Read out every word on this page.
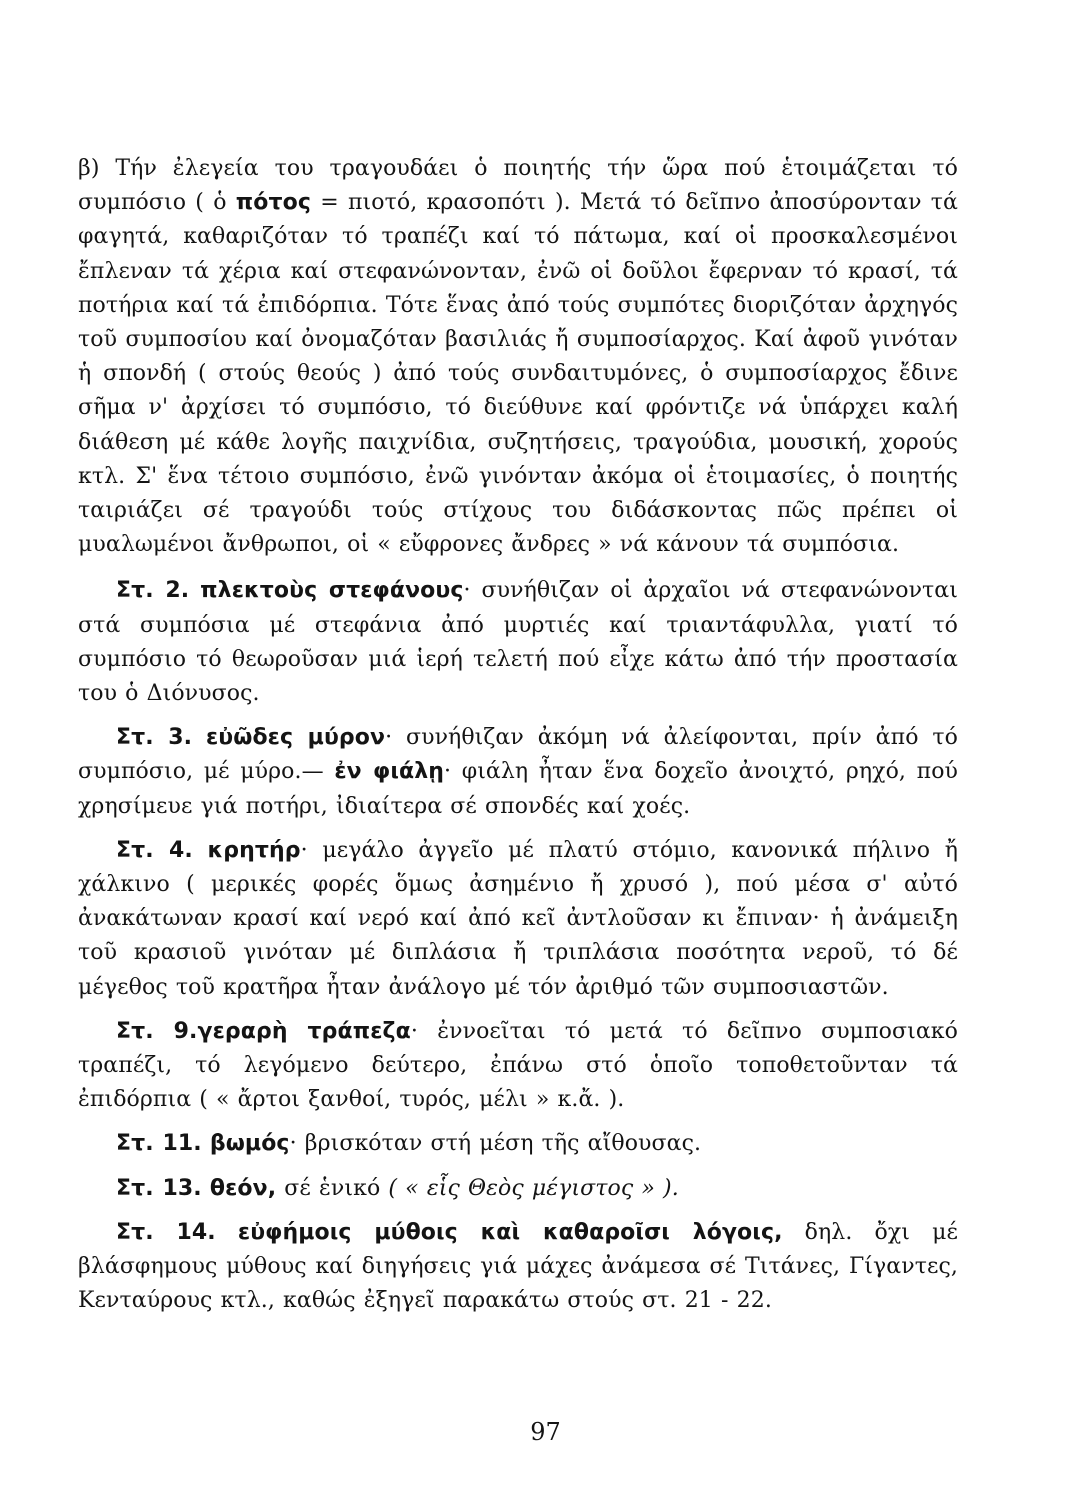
β) Τήν ἐλεγεία του τραγουδάει ὁ ποιητής τήν ὥρα πού ἑτοιμάζεται τό συμπόσιο ( ὁ πότος = πιοτό, κρασοπότι ). Μετά τό δεῖπνο ἀποσύρονταν τά φαγητά, καθαριζόταν τό τραπέζι καί τό πάτωμα, καί οἱ προσκαλεσμένοι ἔπλεναν τά χέρια καί στεφανώνονταν, ἐνῶ οἱ δοῦλοι ἔφερναν τό κρασί, τά ποτήρια καί τά ἐπιδόρπια. Τότε ἕνας ἀπό τούς συμπότες διοριζόταν ἀρχηγός τοῦ συμποσίου καί ὀνομαζόταν βασιλιάς ἤ συμποσίαρχος. Καί ἀφοῦ γινόταν ἡ σπονδή ( στούς θεούς ) ἀπό τούς συνδαιτυμόνες, ὁ συμποσίαρχος ἔδινε σῆμα ν' ἀρχίσει τό συμπόσιο, τό διεύθυνε καί φρόντιζε νά ὑπάρχει καλή διάθεση μέ κάθε λογῆς παιχνίδια, συζητήσεις, τραγούδια, μουσική, χορούς κτλ. Σ' ἕνα τέτοιο συμπόσιο, ἐνῶ γινόνταν ἀκόμα οἱ ἑτοιμασίες, ὁ ποιητής ταιριάζει σέ τραγούδι τούς στίχους του διδάσκοντας πῶς πρέπει οἱ μυαλωμένοι ἄνθρωποι, οἱ « εὔφρονες ἄνδρες » νά κάνουν τά συμπόσια.

Στ. 2. πλεκτοὺς στεφάνους· συνήθιζαν οἱ ἀρχαῖοι νά στεφανώνονται στά συμπόσια μέ στεφάνια ἀπό μυρτιές καί τριαντάφυλλα, γιατί τό συμπόσιο τό θεωροῦσαν μιά ἱερή τελετή πού εἶχε κάτω ἀπό τήν προστασία του ὁ Διόνυσος.

Στ. 3. εὐῶδες μύρον· συνήθιζαν ἀκόμη νά ἀλείφονται, πρίν ἀπό τό συμπόσιο, μέ μύρο.— ἐν φιάλῃ· φιάλη ἦταν ἕνα δοχεῖο ἀνοιχτό, ρηχό, πού χρησίμευε γιά ποτήρι, ἰδιαίτερα σέ σπονδές καί χοές.

Στ. 4. κρητήρ· μεγάλο ἀγγεῖο μέ πλατύ στόμιο, κανονικά πήλινο ἤ χάλκινο ( μερικές φορές ὅμως ἀσημένιο ἤ χρυσό ), πού μέσα σ' αὐτό ἀνακάτωναν κρασί καί νερό καί ἀπό κεῖ ἀντλοῦσαν κι ἔπιναν· ἡ ἀνάμειξη τοῦ κρασιοῦ γινόταν μέ διπλάσια ἤ τριπλάσια ποσότητα νεροῦ, τό δέ μέγεθος τοῦ κρατῆρα ἦταν ἀνάλογο μέ τόν ἀριθμό τῶν συμποσιαστῶν.

Στ. 9.γεραρὴ τράπεζα· ἐννοεῖται τό μετά τό δεῖπνο συμποσιακό τραπέζι, τό λεγόμενο δεύτερο, ἐπάνω στό ὁποῖο τοποθετοῦνταν τά ἐπιδόρπια ( « ἄρτοι ξανθοί, τυρός, μέλι » κ.ἄ. ).

Στ. 11. βωμός· βρισκόταν στή μέση τῆς αἴθουσας.

Στ. 13. θεόν, σέ ἑνικό ( « εἷς Θεὸς μέγιστος » ).

Στ. 14. εὐφήμοις μύθοις καὶ καθαροῖσι λόγοις, δηλ. ὄχι μέ βλάσφημους μύθους καί διηγήσεις γιά μάχες ἀνάμεσα σέ Τιτάνες, Γίγαντες, Κενταύρους κτλ., καθώς ἐξηγεῖ παρακάτω στούς στ. 21 - 22.

97
